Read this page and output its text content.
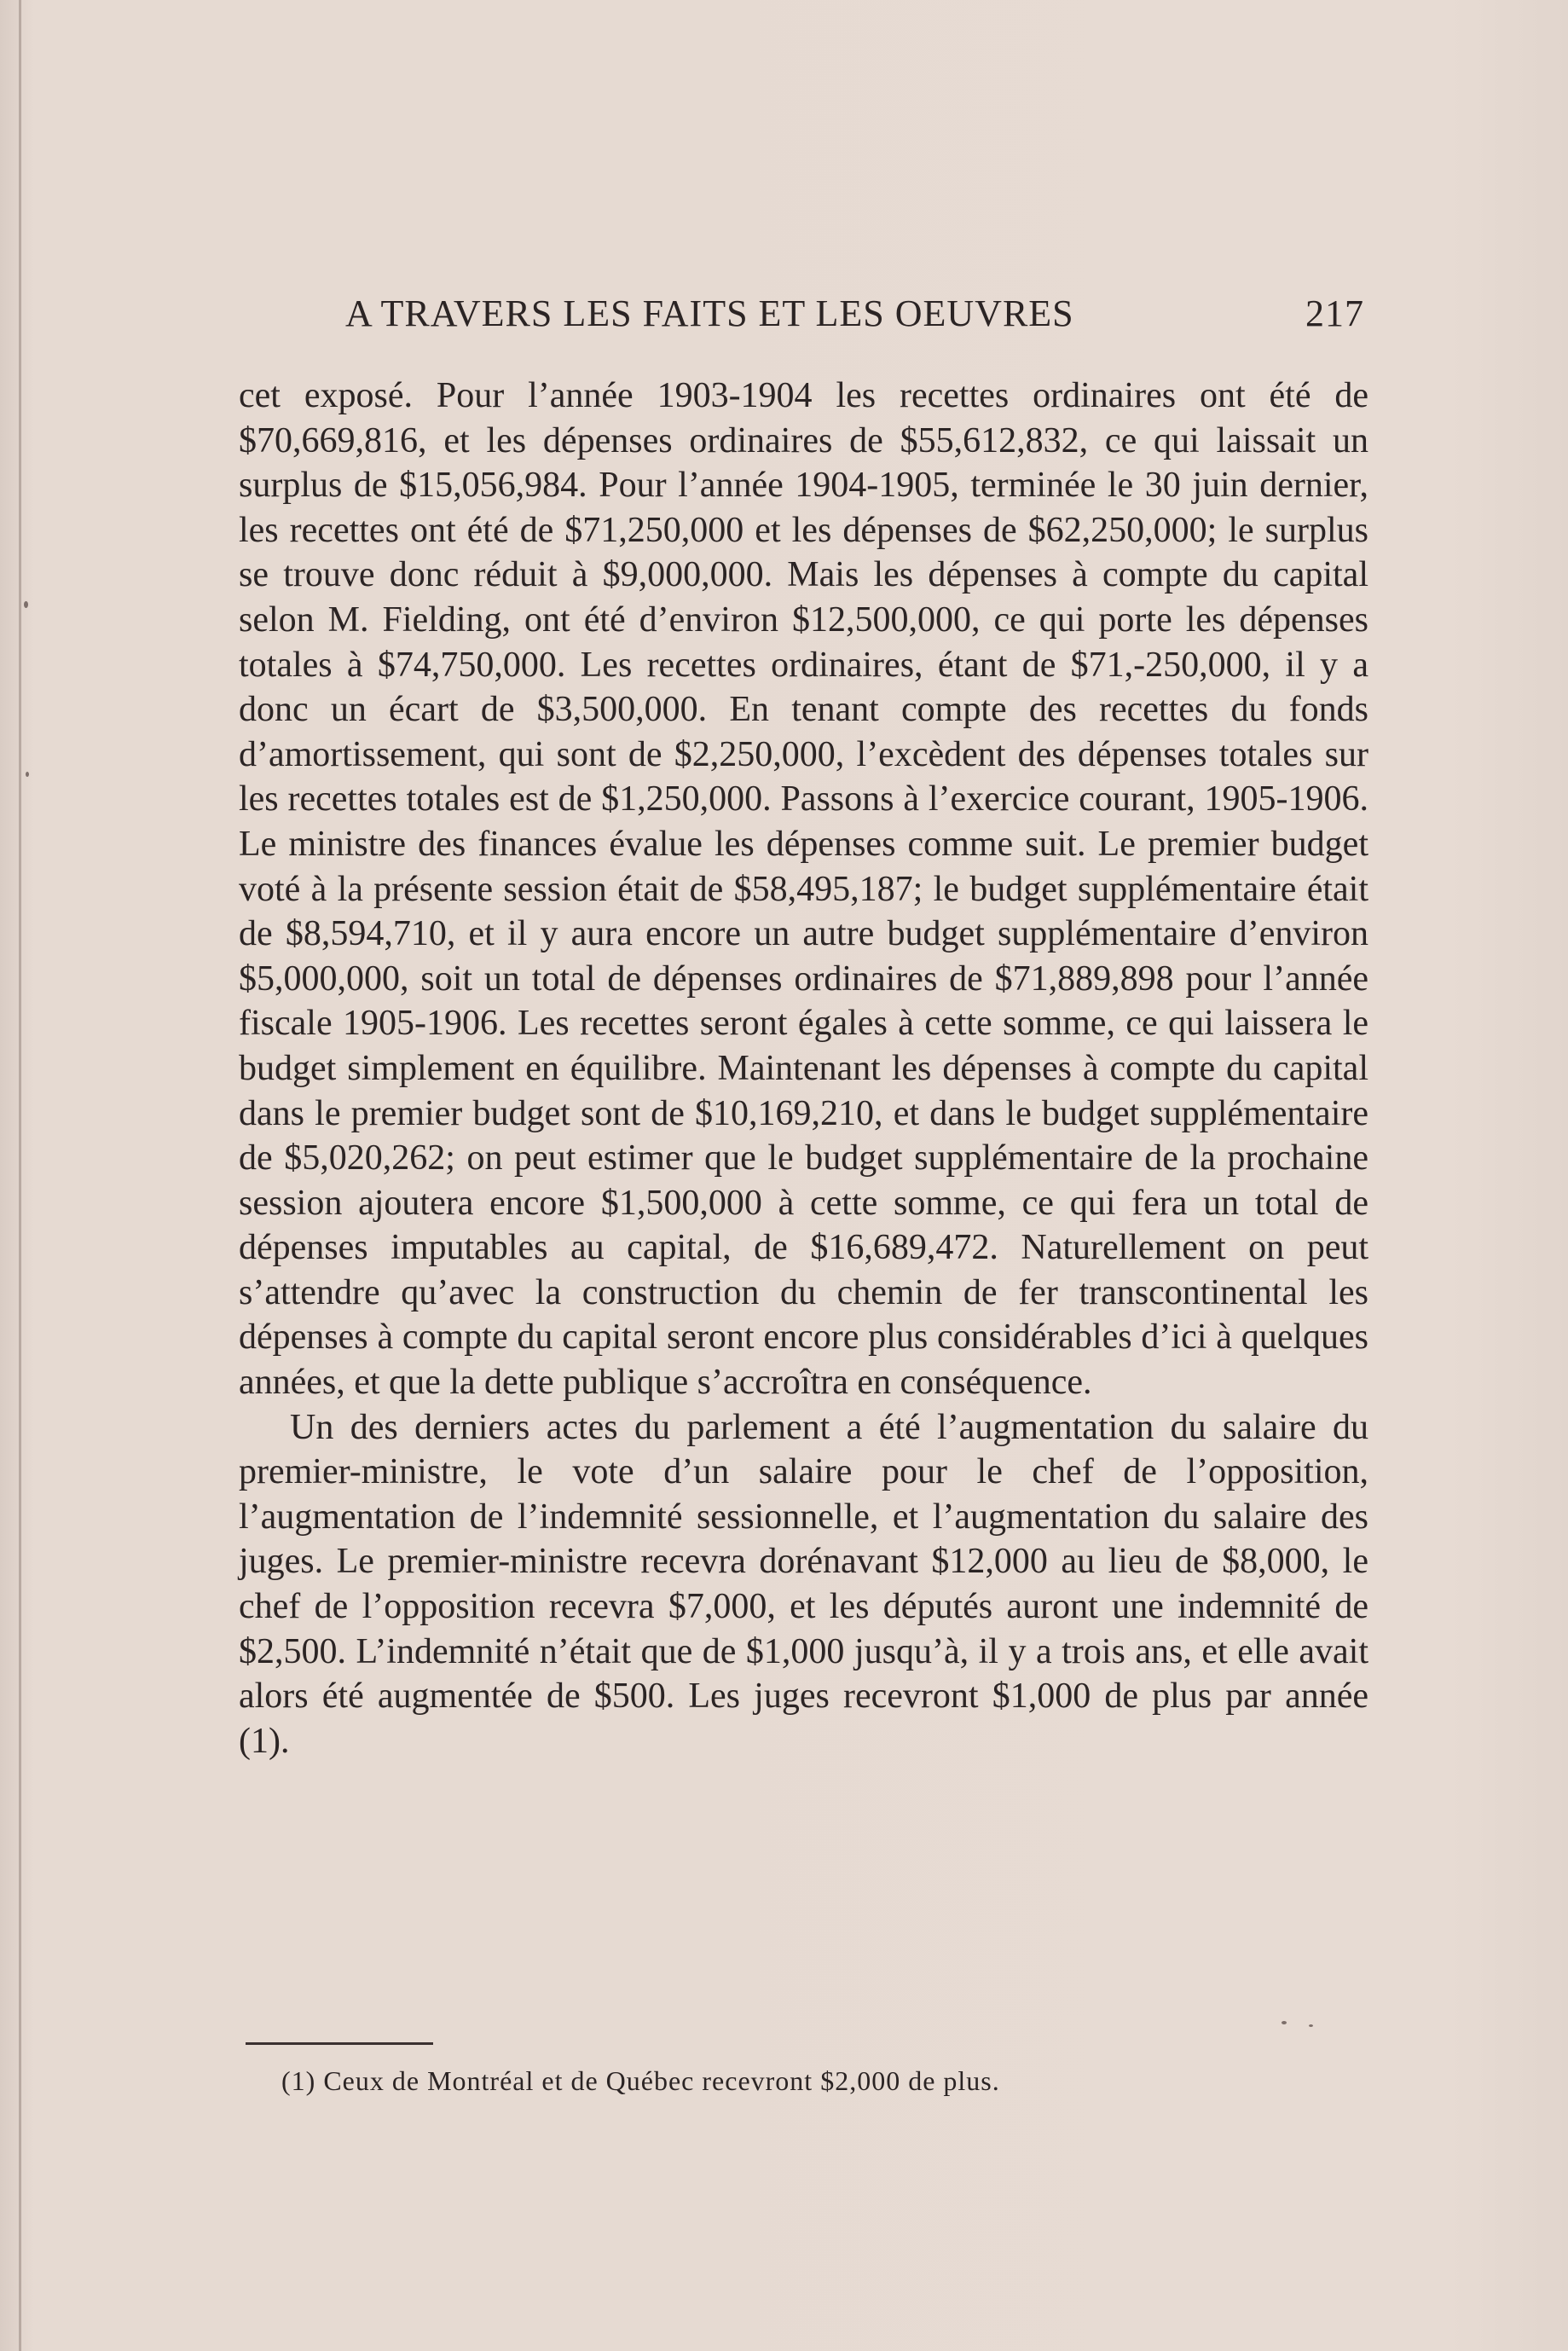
A TRAVERS LES FAITS ET LES OEUVRES	217

cet exposé. Pour l’année 1903-1904 les recettes ordinaires ont été de $70,669,816, et les dépenses ordinaires de $55,612,832, ce qui laissait un surplus de $15,056,984. Pour l’année 1904-1905, terminée le 30 juin dernier, les recettes ont été de $71,250,000 et les dépenses de $62,250,000; le surplus se trouve donc réduit à $9,000,000. Mais les dépenses à compte du capital selon M. Fielding, ont été d’environ $12,500,000, ce qui porte les dépenses totales à $74,750,000. Les recettes ordinaires, étant de $71,-250,000, il y a donc un écart de $3,500,000. En tenant compte des recettes du fonds d’amortissement, qui sont de $2,250,000, l’excèdent des dépenses totales sur les recettes totales est de $1,250,000. Passons à l’exercice courant, 1905-1906. Le ministre des finances évalue les dépenses comme suit. Le premier budget voté à la présente session était de $58,495,187; le budget supplémentaire était de $8,594,710, et il y aura encore un autre budget supplémentaire d’environ $5,000,000, soit un total de dépenses ordinaires de $71,889,898 pour l’année fiscale 1905-1906. Les recettes seront égales à cette somme, ce qui laissera le budget simplement en équilibre. Maintenant les dépenses à compte du capital dans le premier budget sont de $10,169,210, et dans le budget supplémentaire de $5,020,262; on peut estimer que le budget supplémentaire de la prochaine session ajoutera encore $1,500,000 à cette somme, ce qui fera un total de dépenses imputables au capital, de $16,689,472. Naturellement on peut s’attendre qu’avec la construction du chemin de fer transcontinental les dépenses à compte du capital seront encore plus considérables d’ici à quelques années, et que la dette publique s’accroîtra en conséquence.

Un des derniers actes du parlement a été l’augmentation du salaire du premier-ministre, le vote d’un salaire pour le chef de l’opposition, l’augmentation de l’indemnité sessionnelle, et l’augmentation du salaire des juges. Le premier-ministre recevra dorénavant $12,000 au lieu de $8,000, le chef de l’opposition recevra $7,000, et les députés auront une indemnité de $2,500. L’indemnité n’était que de $1,000 jusqu’à, il y a trois ans, et elle avait alors été augmentée de $500. Les juges recevront $1,000 de plus par année (1).

(1) Ceux de Montréal et de Québec recevront $2,000 de plus.
